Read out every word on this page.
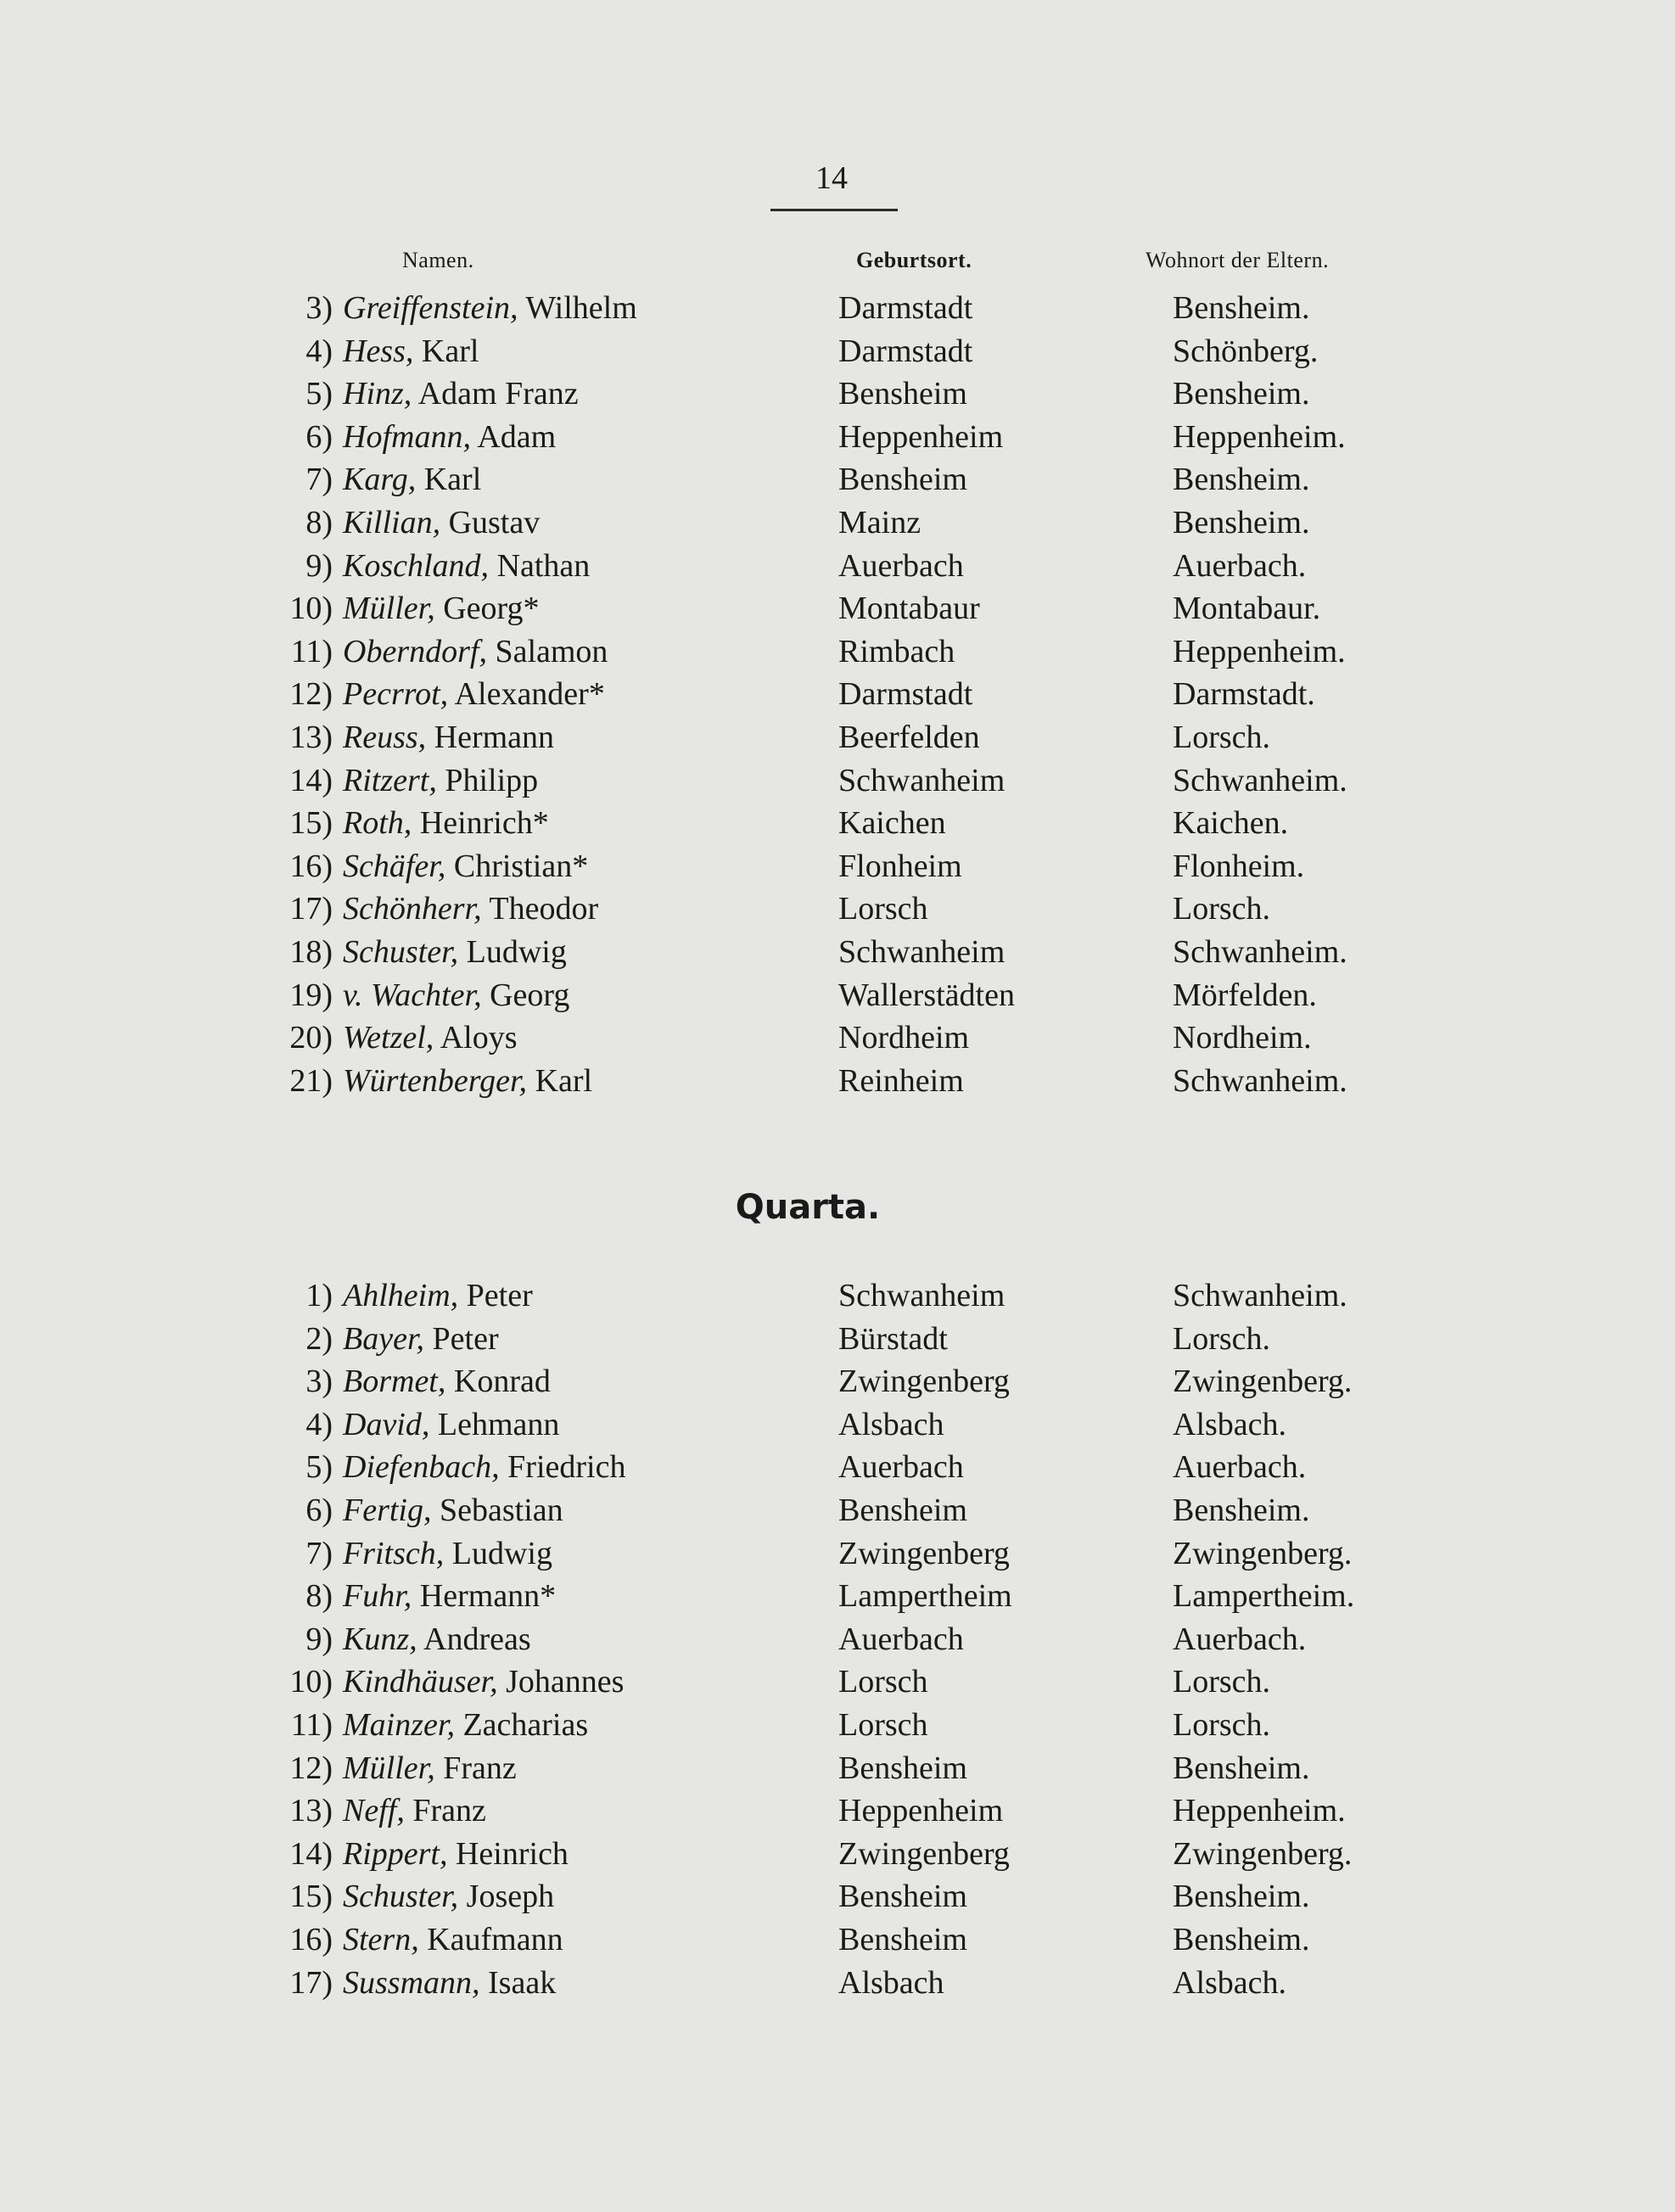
14
Namen.	Geburtsort.	Wohnort der Eltern.
3) Greiffenstein, Wilhelm	Darmstadt	Bensheim.
4) Hess, Karl	Darmstadt	Schönberg.
5) Hinz, Adam Franz	Bensheim	Bensheim.
6) Hofmann, Adam	Heppenheim	Heppenheim.
7) Karg, Karl	Bensheim	Bensheim.
8) Killian, Gustav	Mainz	Bensheim.
9) Koschland, Nathan	Auerbach	Auerbach.
10) Müller, Georg*	Montabaur	Montabaur.
11) Oberndorf, Salamon	Rimbach	Heppenheim.
12) Pecrrot, Alexander*	Darmstadt	Darmstadt.
13) Reuss, Hermann	Beerfelden	Lorsch.
14) Ritzert, Philipp	Schwanheim	Schwanheim.
15) Roth, Heinrich*	Kaichen	Kaichen.
16) Schäfer, Christian*	Flonheim	Flonheim.
17) Schönherr, Theodor	Lorsch	Lorsch.
18) Schuster, Ludwig	Schwanheim	Schwanheim.
19) v. Wachter, Georg	Wallerstädten	Mörfelden.
20) Wetzel, Aloys	Nordheim	Nordheim.
21) Würtenberger, Karl	Reinheim	Schwanheim.
Quarta.
1) Ahlheim, Peter	Schwanheim	Schwanheim.
2) Bayer, Peter	Bürstadt	Lorsch.
3) Bormet, Konrad	Zwingenberg	Zwingenberg.
4) David, Lehmann	Alsbach	Alsbach.
5) Diefenbach, Friedrich	Auerbach	Auerbach.
6) Fertig, Sebastian	Bensheim	Bensheim.
7) Fritsch, Ludwig	Zwingenberg	Zwingenberg.
8) Fuhr, Hermann*	Lampertheim	Lampertheim.
9) Kunz, Andreas	Auerbach	Auerbach.
10) Kindhäuser, Johannes	Lorsch	Lorsch.
11) Mainzer, Zacharias	Lorsch	Lorsch.
12) Müller, Franz	Bensheim	Bensheim.
13) Neff, Franz	Heppenheim	Heppenheim.
14) Rippert, Heinrich	Zwingenberg	Zwingenberg.
15) Schuster, Joseph	Bensheim	Bensheim.
16) Stern, Kaufmann	Bensheim	Bensheim.
17) Sussmann, Isaak	Alsbach	Alsbach.
